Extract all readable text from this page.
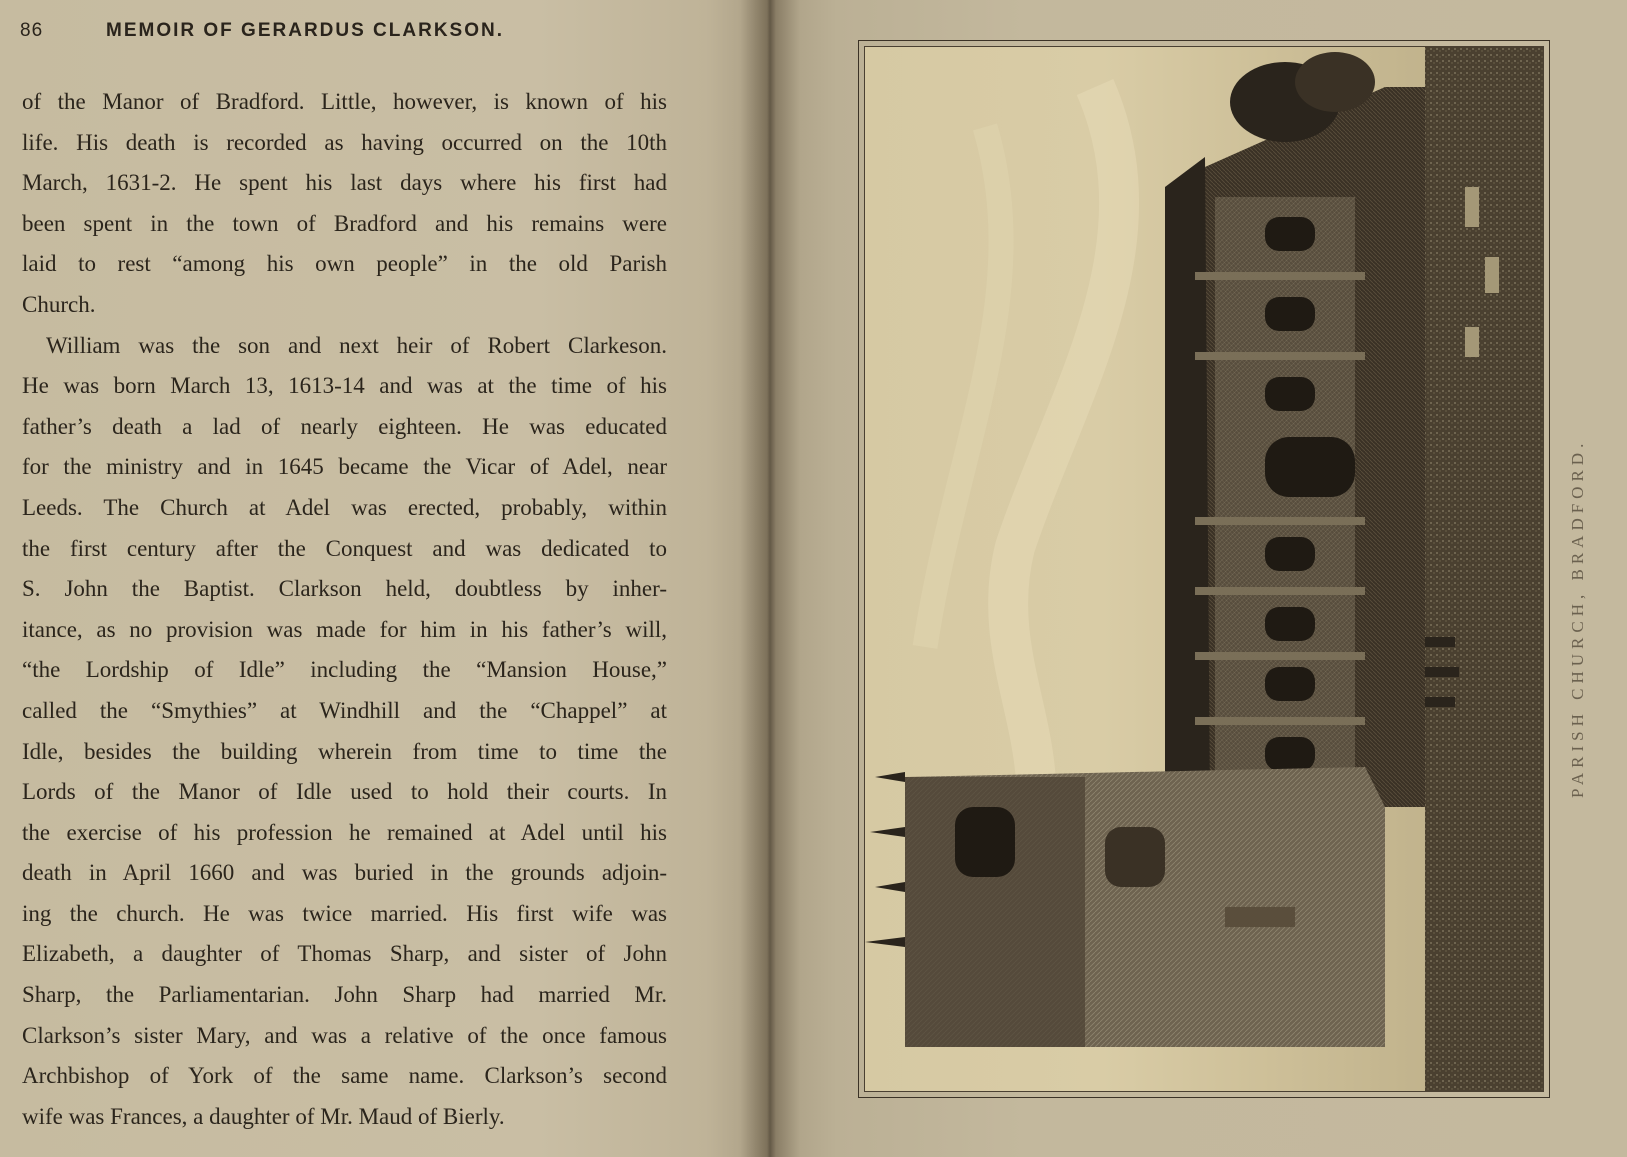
86	MEMOIR OF GERARDUS CLARKSON.
of the Manor of Bradford. Little, however, is known of his
life. His death is recorded as having occurred on the 10th
March, 1631-2. He spent his last days where his first had
been spent in the town of Bradford and his remains were
laid to rest “among his own people” in the old Parish
Church.
William was the son and next heir of Robert Clarkeson.
He was born March 13, 1613-14 and was at the time of his
father’s death a lad of nearly eighteen. He was educated
for the ministry and in 1645 became the Vicar of Adel, near
Leeds. The Church at Adel was erected, probably, within
the first century after the Conquest and was dedicated to
S. John the Baptist. Clarkson held, doubtless by inher-
itance, as no provision was made for him in his father’s will,
“the Lordship of Idle” including the “Mansion House,”
called the “Smythies” at Windhill and the “Chappel” at
Idle, besides the building wherein from time to time the
Lords of the Manor of Idle used to hold their courts. In
the exercise of his profession he remained at Adel until his
death in April 1660 and was buried in the grounds adjoin-
ing the church. He was twice married. His first wife was
Elizabeth, a daughter of Thomas Sharp, and sister of John
Sharp, the Parliamentarian. John Sharp had married Mr.
Clarkson’s sister Mary, and was a relative of the once famous
Archbishop of York of the same name. Clarkson’s second
wife was Frances, a daughter of Mr. Maud of Bierly.
PARISH CHURCH, BRADFORD.
